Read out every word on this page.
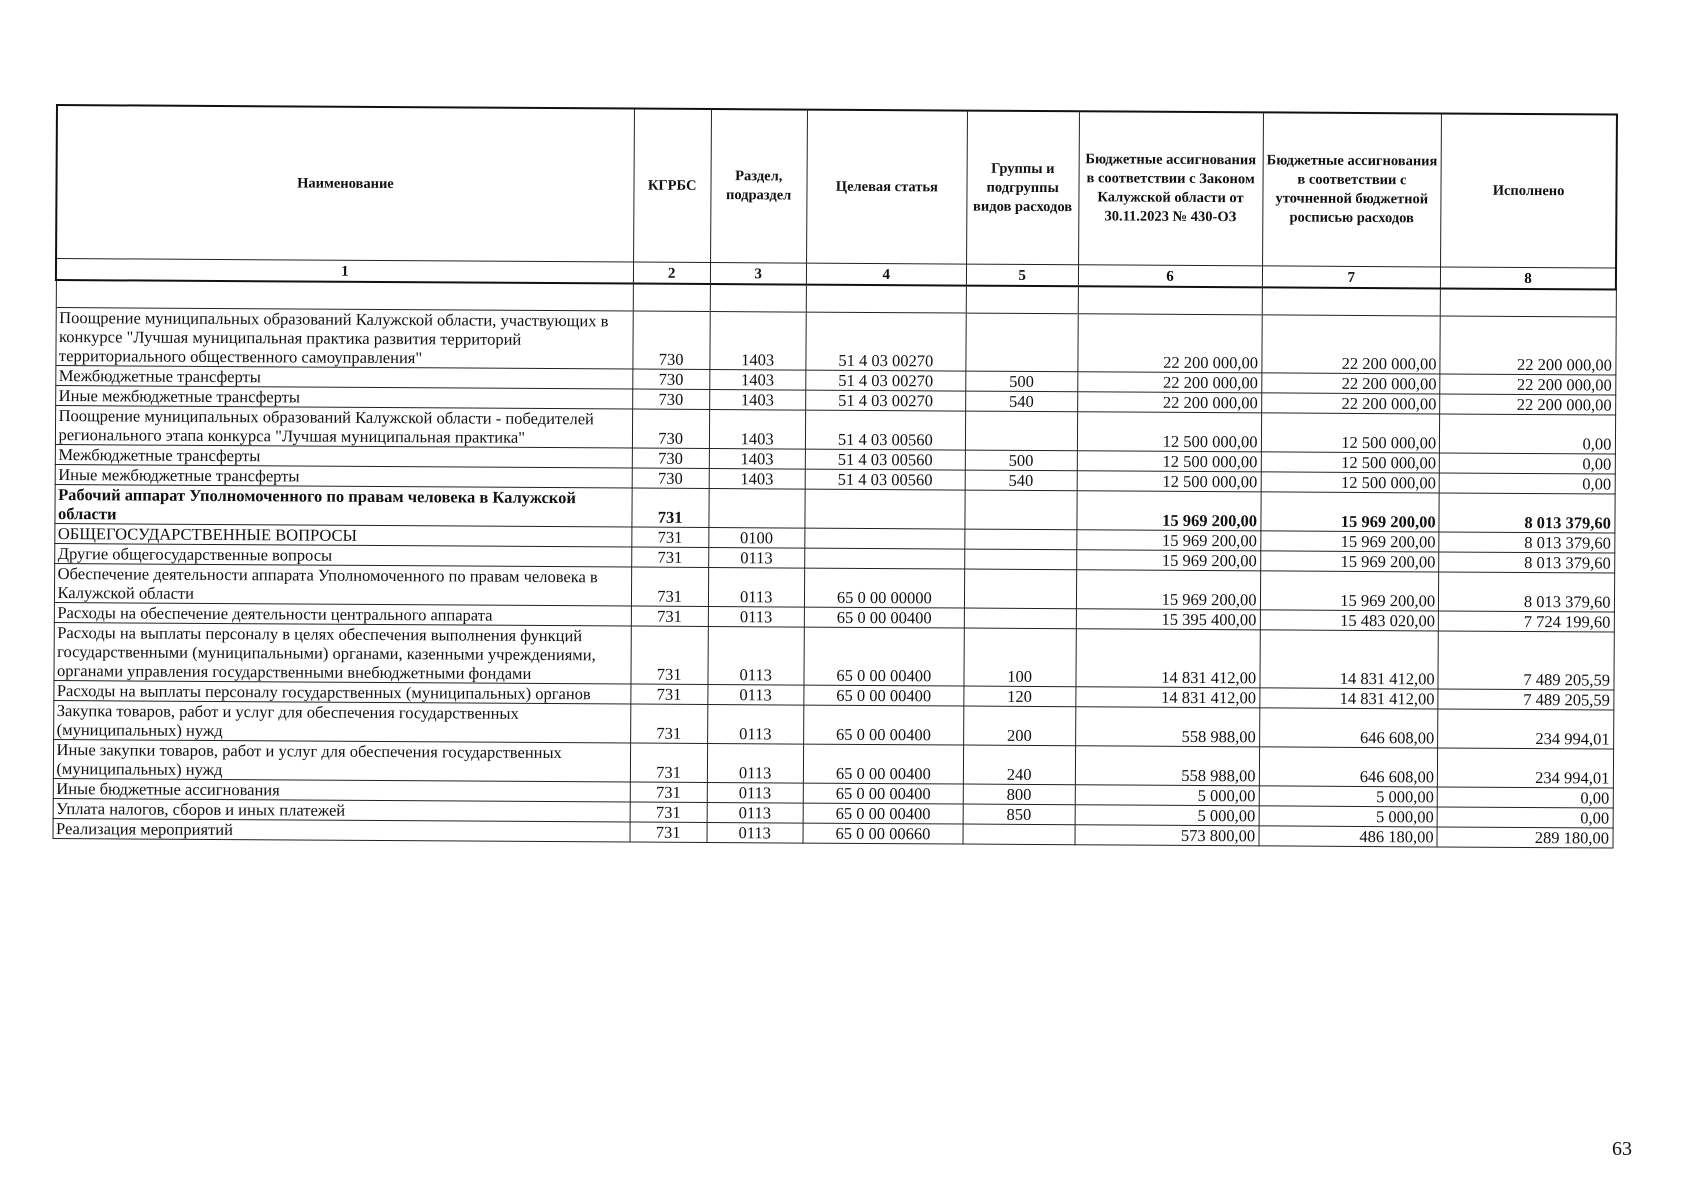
Наименование	КГРБС	Раздел, подраздел	Целевая статья	Группы и подгруппы видов расходов	Бюджетные ассигнования в соответствии с Законом Калужской области от 30.11.2023 № 430-ОЗ	Бюджетные ассигнования в соответствии с уточненной бюджетной росписью расходов	Исполнено
1	2	3	4	5	6	7	8

Поощрение муниципальных образований Калужской области, участвующих в конкурсе "Лучшая муниципальная практика развития территорий территориального общественного самоуправления"	730	1403	51 4 03 00270		22 200 000,00	22 200 000,00	22 200 000,00
Межбюджетные трансферты	730	1403	51 4 03 00270	500	22 200 000,00	22 200 000,00	22 200 000,00
Иные межбюджетные трансферты	730	1403	51 4 03 00270	540	22 200 000,00	22 200 000,00	22 200 000,00
Поощрение муниципальных образований Калужской области - победителей регионального этапа конкурса "Лучшая муниципальная практика"	730	1403	51 4 03 00560		12 500 000,00	12 500 000,00	0,00
Межбюджетные трансферты	730	1403	51 4 03 00560	500	12 500 000,00	12 500 000,00	0,00
Иные межбюджетные трансферты	730	1403	51 4 03 00560	540	12 500 000,00	12 500 000,00	0,00
Рабочий аппарат Уполномоченного по правам человека в Калужской области	731				15 969 200,00	15 969 200,00	8 013 379,60
ОБЩЕГОСУДАРСТВЕННЫЕ ВОПРОСЫ	731	0100			15 969 200,00	15 969 200,00	8 013 379,60
Другие общегосударственные вопросы	731	0113			15 969 200,00	15 969 200,00	8 013 379,60
Обеспечение деятельности аппарата Уполномоченного по правам человека в Калужской области	731	0113	65 0 00 00000		15 969 200,00	15 969 200,00	8 013 379,60
Расходы на обеспечение деятельности центрального аппарата	731	0113	65 0 00 00400		15 395 400,00	15 483 020,00	7 724 199,60
Расходы на выплаты персоналу в целях обеспечения выполнения функций государственными (муниципальными) органами, казенными учреждениями, органами управления государственными внебюджетными фондами	731	0113	65 0 00 00400	100	14 831 412,00	14 831 412,00	7 489 205,59
Расходы на выплаты персоналу государственных (муниципальных) органов	731	0113	65 0 00 00400	120	14 831 412,00	14 831 412,00	7 489 205,59
Закупка товаров, работ и услуг для обеспечения государственных (муниципальных) нужд	731	0113	65 0 00 00400	200	558 988,00	646 608,00	234 994,01
Иные закупки товаров, работ и услуг для обеспечения государственных (муниципальных) нужд	731	0113	65 0 00 00400	240	558 988,00	646 608,00	234 994,01
Иные бюджетные ассигнования	731	0113	65 0 00 00400	800	5 000,00	5 000,00	0,00
Уплата налогов, сборов и иных платежей	731	0113	65 0 00 00400	850	5 000,00	5 000,00	0,00
Реализация мероприятий	731	0113	65 0 00 00660		573 800,00	486 180,00	289 180,00
63
